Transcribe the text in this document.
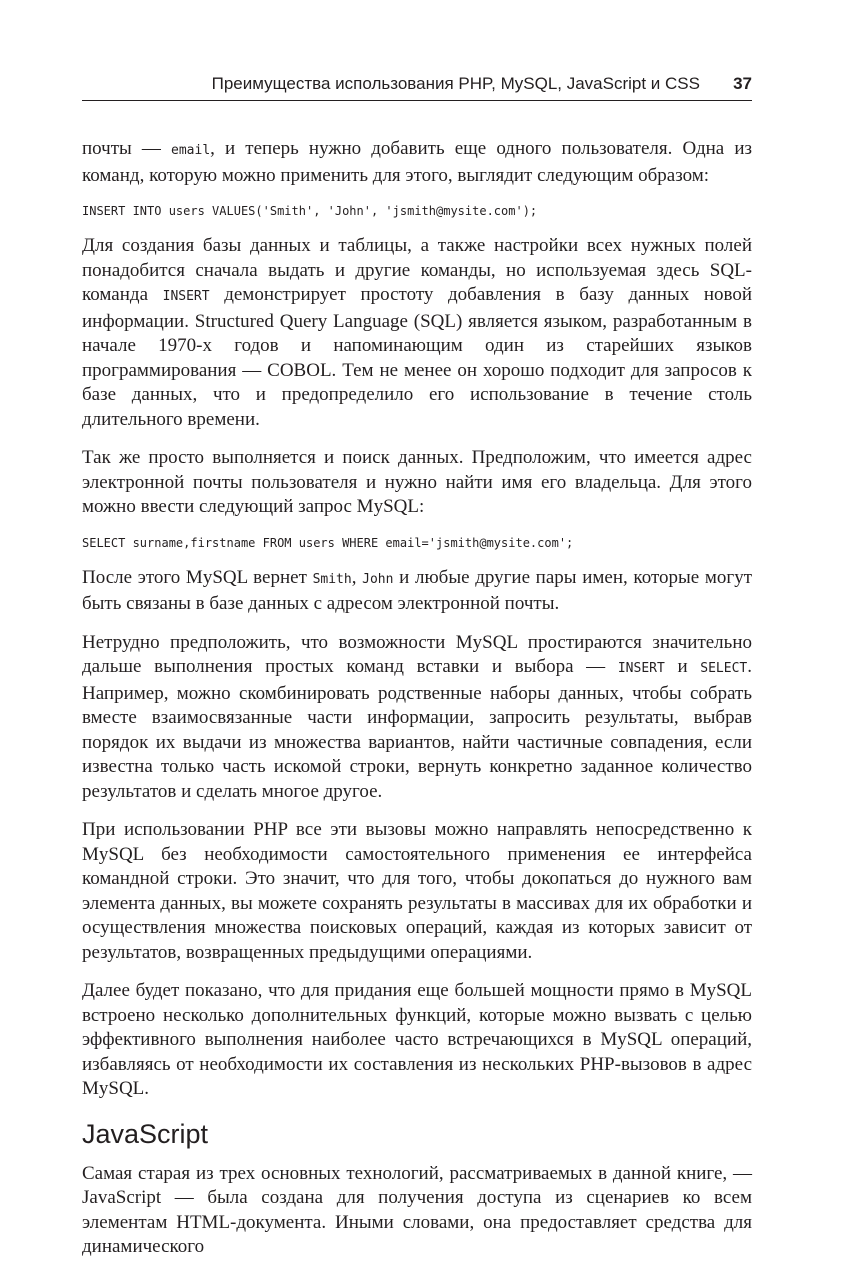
Преимущества использования PHP, MySQL, JavaScript и CSS 37

почты — email, и теперь нужно добавить еще одного пользователя. Одна из команд, которую можно применить для этого, выглядит следующим образом:

INSERT INTO users VALUES('Smith', 'John', 'jsmith@mysite.com');

Для создания базы данных и таблицы, а также настройки всех нужных полей понадобится сначала выдать и другие команды, но используемая здесь SQL-команда INSERT демонстрирует простоту добавления в базу данных новой информации. Structured Query Language (SQL) является языком, разработанным в начале 1970-х годов и напоминающим один из старейших языков программирования — COBOL. Тем не менее он хорошо подходит для запросов к базе данных, что и предопределило его использование в течение столь длительного времени.

Так же просто выполняется и поиск данных. Предположим, что имеется адрес электронной почты пользователя и нужно найти имя его владельца. Для этого можно ввести следующий запрос MySQL:

SELECT surname,firstname FROM users WHERE email='jsmith@mysite.com';

После этого MySQL вернет Smith, John и любые другие пары имен, которые могут быть связаны в базе данных с адресом электронной почты.

Нетрудно предположить, что возможности MySQL простираются значительно дальше выполнения простых команд вставки и выбора — INSERT и SELECT. Например, можно скомбинировать родственные наборы данных, чтобы собрать вместе взаимосвязанные части информации, запросить результаты, выбрав порядок их выдачи из множества вариантов, найти частичные совпадения, если известна только часть искомой строки, вернуть конкретно заданное количество результатов и сделать многое другое.

При использовании PHP все эти вызовы можно направлять непосредственно к MySQL без необходимости самостоятельного применения ее интерфейса командной строки. Это значит, что для того, чтобы докопаться до нужного вам элемента данных, вы можете сохранять результаты в массивах для их обработки и осуществления множества поисковых операций, каждая из которых зависит от результатов, возвращенных предыдущими операциями.

Далее будет показано, что для придания еще большей мощности прямо в MySQL встроено несколько дополнительных функций, которые можно вызвать с целью эффективного выполнения наиболее часто встречающихся в MySQL операций, избавляясь от необходимости их составления из нескольких PHP-вызовов в адрес MySQL.

JavaScript

Самая старая из трех основных технологий, рассматриваемых в данной книге, — JavaScript — была создана для получения доступа из сценариев ко всем элементам HTML-документа. Иными словами, она предоставляет средства для динамического
